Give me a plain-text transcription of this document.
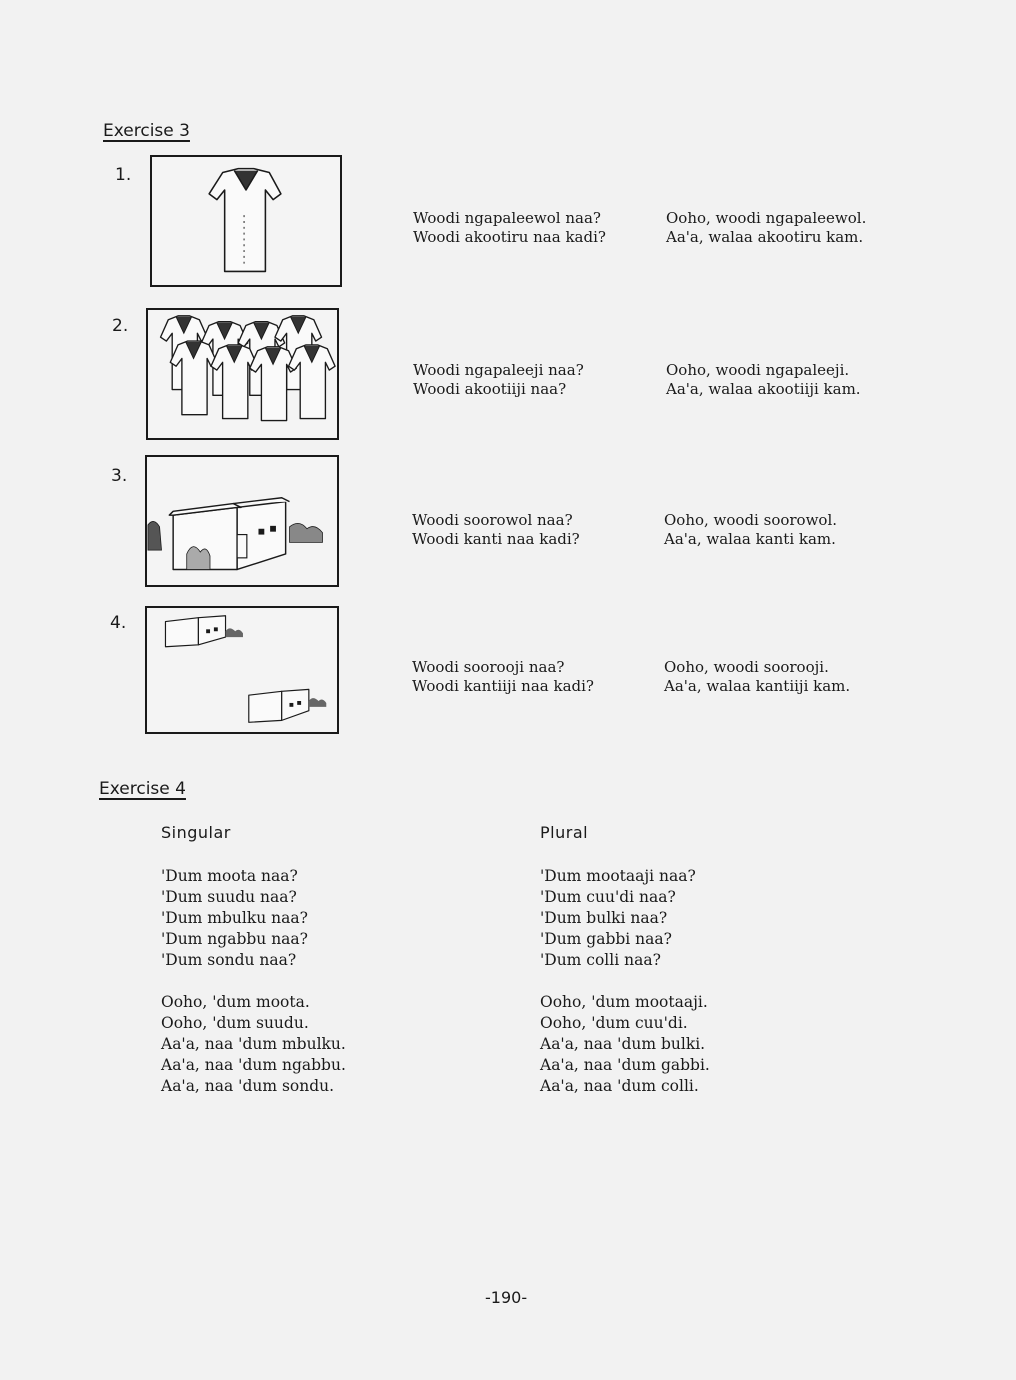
Exercise 3
1.
Woodi ngapaleewol naa?
Woodi akootiru naa kadi?
Ooho, woodi ngapaleewol.
Aa'a, walaa akootiru kam.
2.
Woodi ngapaleeji naa?
Woodi akootiiji naa?
Ooho, woodi ngapaleeji.
Aa'a, walaa akootiiji kam.
3.
Woodi soorowol naa?
Woodi kanti naa kadi?
Ooho, woodi soorowol.
Aa'a, walaa kanti kam.
4.
Woodi soorooji naa?
Woodi kantiiji naa kadi?
Ooho, woodi soorooji.
Aa'a, walaa kantiiji kam.
Exercise 4
Singular	Plural
'Dum moota naa?
'Dum suudu naa?
'Dum mbulku naa?
'Dum ngabbu naa?
'Dum sondu naa?
'Dum mootaaji naa?
'Dum cuu'di naa?
'Dum bulki naa?
'Dum gabbi naa?
'Dum colli naa?
Ooho, 'dum moota.
Ooho, 'dum suudu.
Aa'a, naa 'dum mbulku.
Aa'a, naa 'dum ngabbu.
Aa'a, naa 'dum sondu.
Ooho, 'dum mootaaji.
Ooho, 'dum cuu'di.
Aa'a, naa 'dum bulki.
Aa'a, naa 'dum gabbi.
Aa'a, naa 'dum colli.
-190-
